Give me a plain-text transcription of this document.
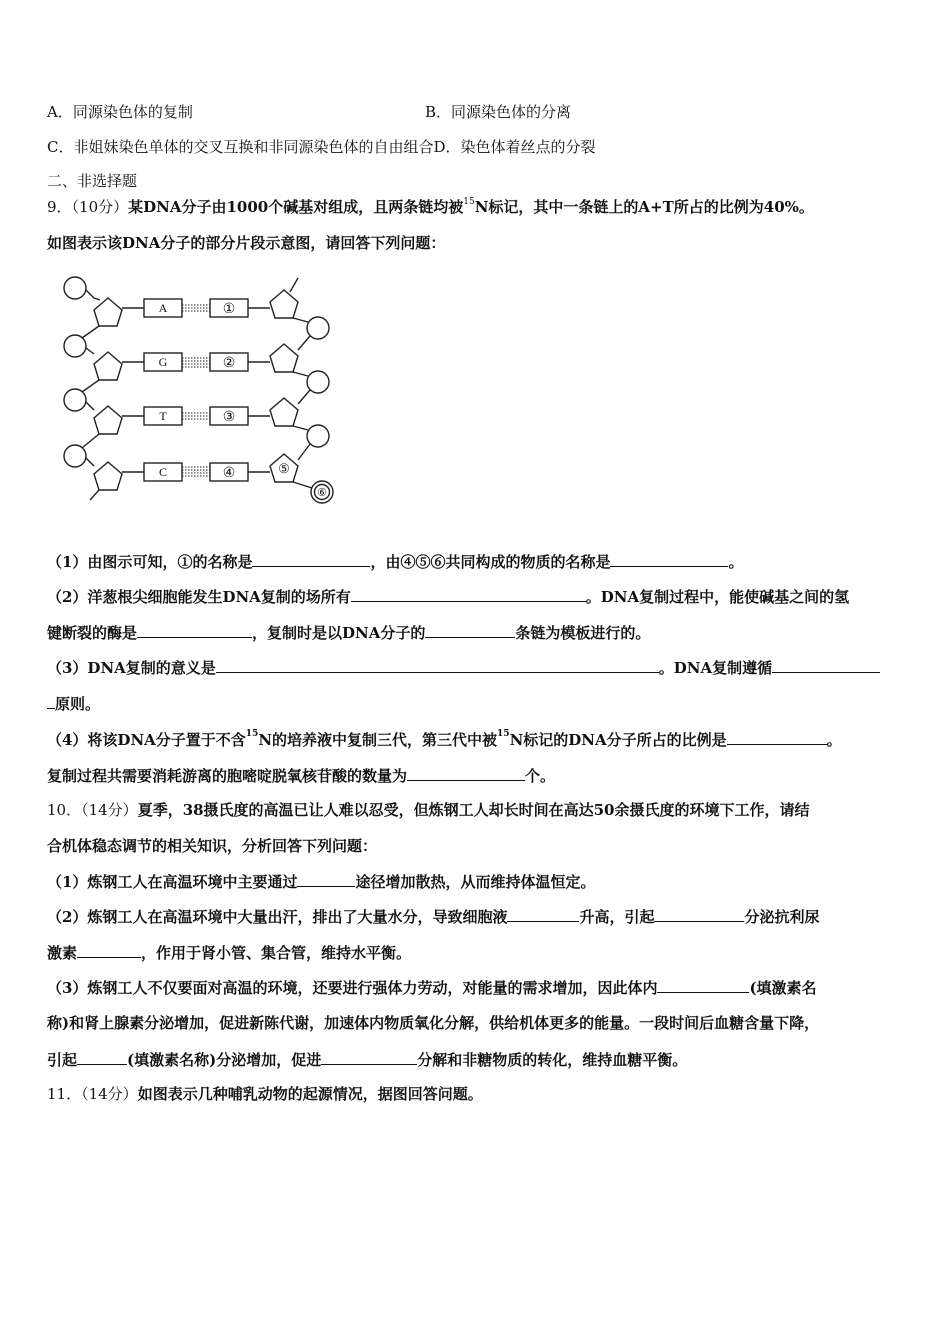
A．同源染色体的复制	B．同源染色体的分离
C．非姐妹染色单体的交叉互换和非同源染色体的自由组合D．染色体着丝点的分裂
二、非选择题
9．（10分）某DNA分子由1000个碱基对组成，且两条链均被$^{15}$N标记，其中一条链上的A+T所占的比例为40%。
如图表示该DNA分子的部分片段示意图，请回答下列问题：
A
G
T
C
①
②
③
④	⑤
⑥
（1）由图示可知，①的名称是	，由④⑤⑥共同构成的物质的名称是	。
（2）洋葱根尖细胞能发生DNA复制的场所有	。DNA复制过程中，能使碱基之间的氢
键断裂的酶是	，复制时是以DNA分子的	条链为模板进行的。
（3）DNA复制的意义是	。DNA复制遵循
原则。
（4）将该DNA分子置于不含$^{15}$N的培养液中复制三代，第三代中被$^{15}$N标记的DNA分子所占的比例是	。
复制过程共需要消耗游离的胞嘧啶脱氧核苷酸的数量为	个。
10．（14分）夏季，38摄氏度的高温已让人难以忍受，但炼钢工人却长时间在高达50余摄氏度的环境下工作，请结
合机体稳态调节的相关知识，分析回答下列问题：
（1）炼钢工人在高温环境中主要通过	途径增加散热，从而维持体温恒定。
（2）炼钢工人在高温环境中大量出汗，排出了大量水分，导致细胞液	升高，引起	分泌抗利尿
激素	，作用于肾小管、集合管，维持水平衡。
（3）炼钢工人不仅要面对高温的环境，还要进行强体力劳动，对能量的需求增加，因此体内	(填激素名
称)和肾上腺素分泌增加，促进新陈代谢，加速体内物质氧化分解，供给机体更多的能量。一段时间后血糖含量下降，
引起	(填激素名称)分泌增加，促进	分解和非糖物质的转化，维持血糖平衡。
11．（14分）如图表示几种哺乳动物的起源情况，据图回答问题。
